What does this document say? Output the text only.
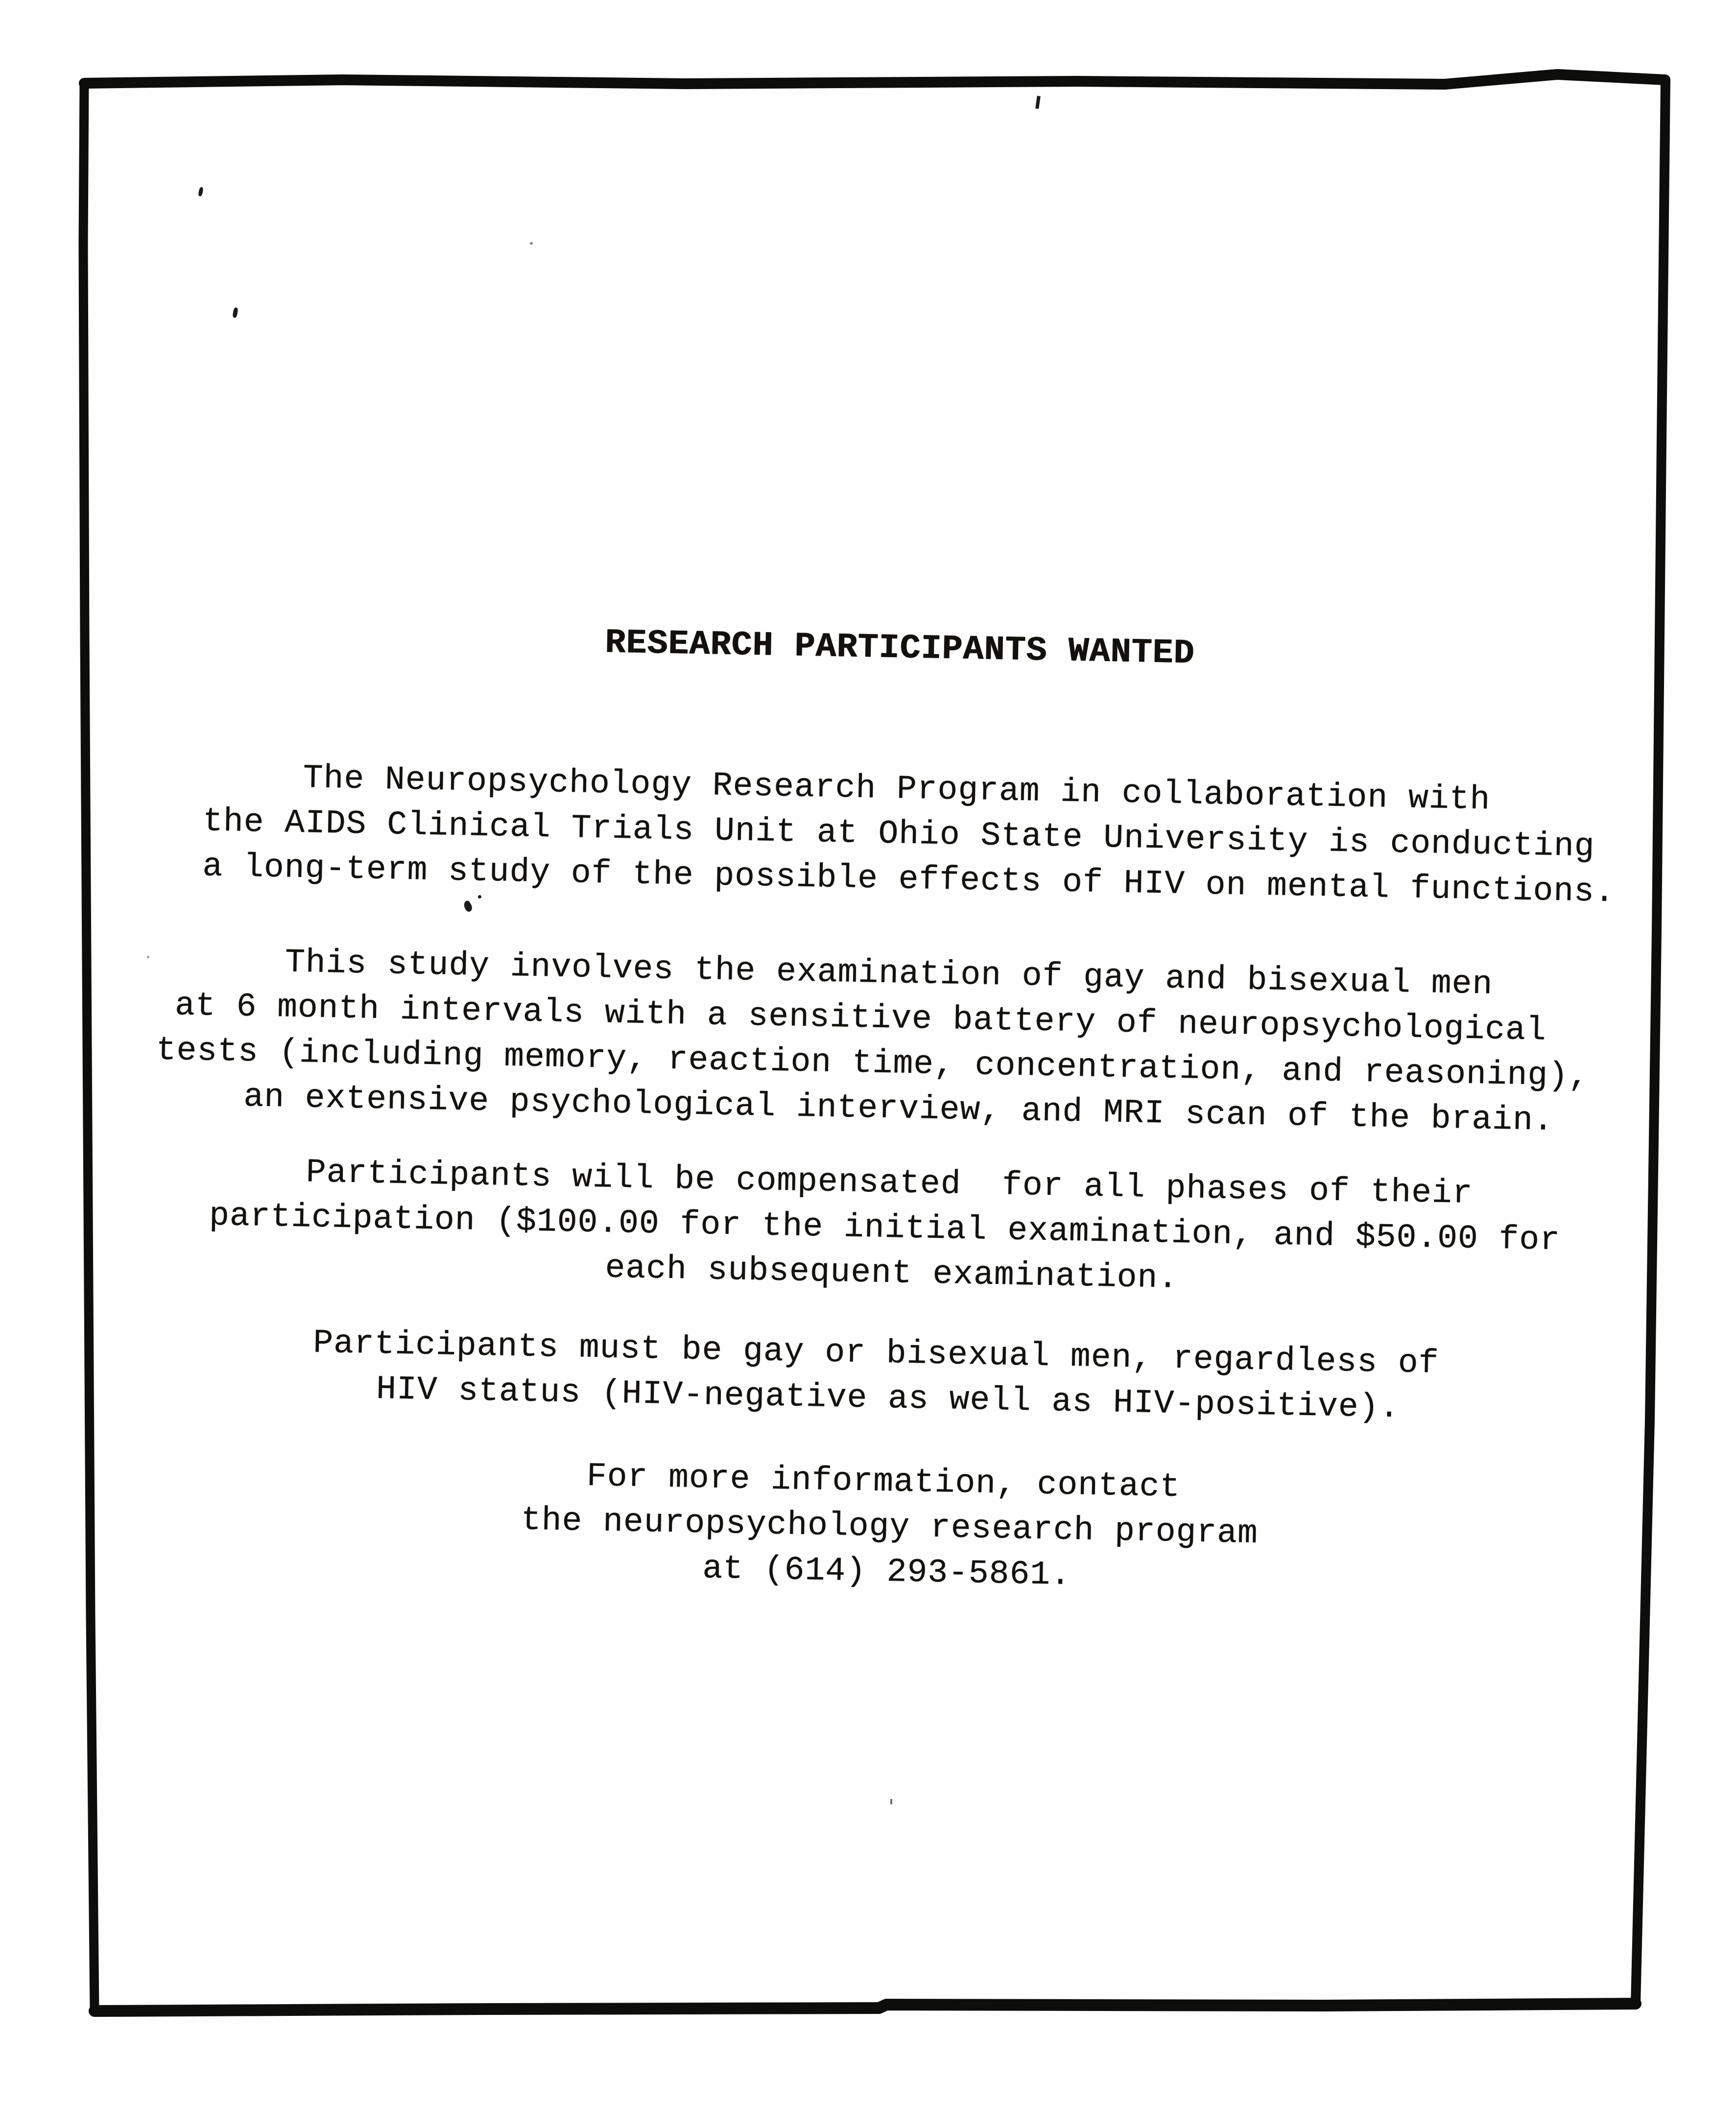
RESEARCH PARTICIPANTS WANTED
The Neuropsychology Research Program in collaboration with
the AIDS Clinical Trials Unit at Ohio State University is conducting
a long-term study of the possible effects of HIV on mental functions.
This study involves the examination of gay and bisexual men
at 6 month intervals with a sensitive battery of neuropsychological
tests (including memory, reaction time, concentration, and reasoning),
an extensive psychological interview, and MRI scan of the brain.
Participants will be compensated  for all phases of their
participation ($100.00 for the initial examination, and $50.00 for
each subsequent examination.
Participants must be gay or bisexual men, regardless of
HIV status (HIV-negative as well as HIV-positive).
For more information, contact
the neuropsychology research program
at (614) 293-5861.
